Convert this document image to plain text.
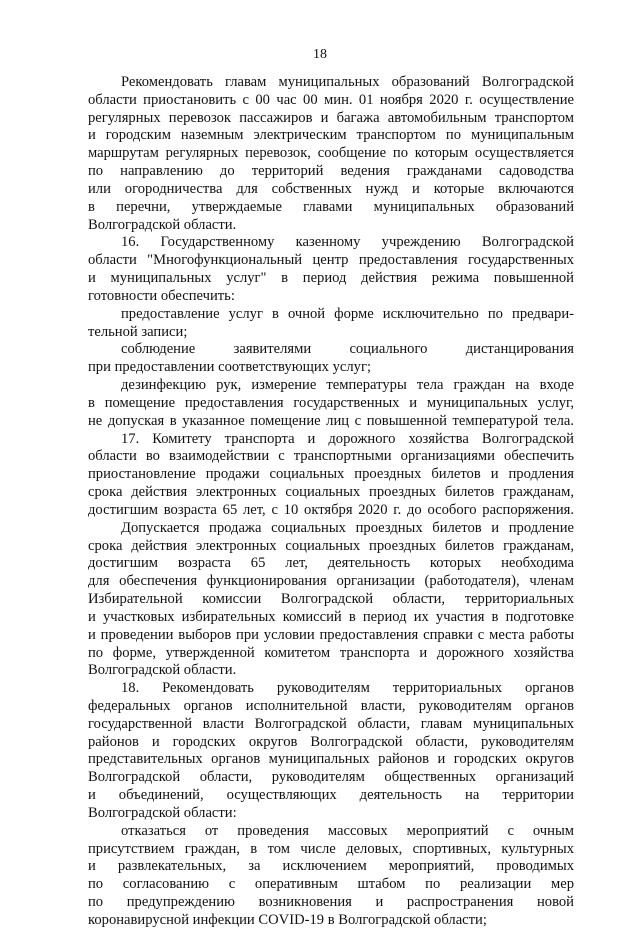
18
Рекомендовать главам муниципальных образований Волгоградской
области приостановить с 00 час 00 мин. 01 ноября 2020 г. осуществление
регулярных перевозок пассажиров и багажа автомобильным транспортом
и городским наземным электрическим транспортом по муниципальным
маршрутам регулярных перевозок, сообщение по которым осуществляется
по направлению до территорий ведения гражданами садоводства
или огородничества для собственных нужд и которые включаются
в перечни, утверждаемые главами муниципальных образований
Волгоградской области.
16. Государственному казенному учреждению Волгоградской
области "Многофункциональный центр предоставления государственных
и муниципальных услуг" в период действия режима повышенной
готовности обеспечить:
предоставление услуг в очной форме исключительно по предвари-
тельной записи;
соблюдение заявителями социального дистанцирования
при предоставлении соответствующих услуг;
дезинфекцию рук, измерение температуры тела граждан на входе
в помещение предоставления государственных и муниципальных услуг,
не допуская в указанное помещение лиц с повышенной температурой тела.
17. Комитету транспорта и дорожного хозяйства Волгоградской
области во взаимодействии с транспортными организациями обеспечить
приостановление продажи социальных проездных билетов и продления
срока действия электронных социальных проездных билетов гражданам,
достигшим возраста 65 лет, с 10 октября 2020 г. до особого распоряжения.
Допускается продажа социальных проездных билетов и продление
срока действия электронных социальных проездных билетов гражданам,
достигшим возраста 65 лет, деятельность которых необходима
для обеспечения функционирования организации (работодателя), членам
Избирательной комиссии Волгоградской области, территориальных
и участковых избирательных комиссий в период их участия в подготовке
и проведении выборов при условии предоставления справки с места работы
по форме, утвержденной комитетом транспорта и дорожного хозяйства
Волгоградской области.
18. Рекомендовать руководителям территориальных органов
федеральных органов исполнительной власти, руководителям органов
государственной власти Волгоградской области, главам муниципальных
районов и городских округов Волгоградской области, руководителям
представительных органов муниципальных районов и городских округов
Волгоградской области, руководителям общественных организаций
и объединений, осуществляющих деятельность на территории
Волгоградской области:
отказаться от проведения массовых мероприятий с очным
присутствием граждан, в том числе деловых, спортивных, культурных
и развлекательных, за исключением мероприятий, проводимых
по согласованию с оперативным штабом по реализации мер
по предупреждению возникновения и распространения новой
коронавирусной инфекции COVID-19 в Волгоградской области;
